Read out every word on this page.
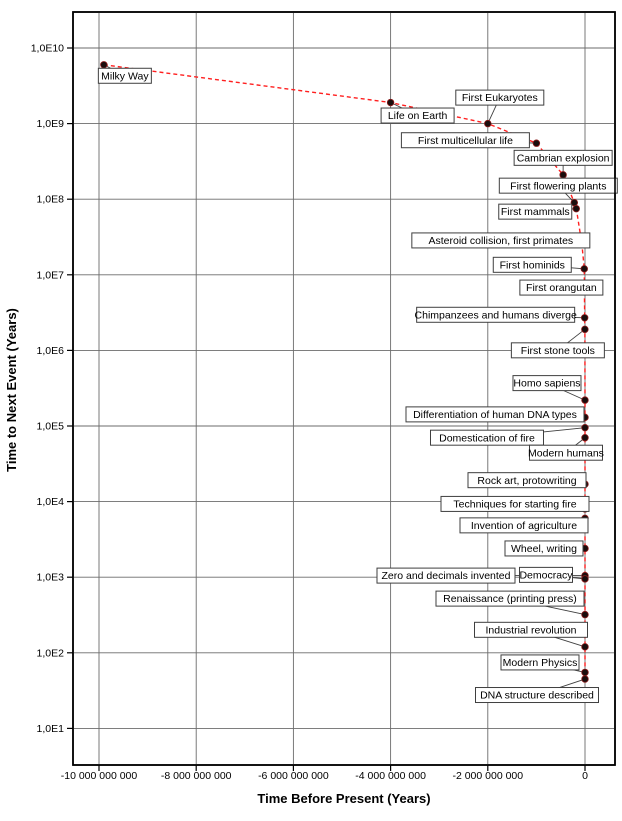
-10 000 000 000 -8 000 000 000	-6 000 000 000	-4 000 000 000	-2 000 000 000	0
1,0E10
1,0E9
1,0E8
1,0E7
1,0E6
1,0E5
1,0E4
1,0E3
1,0E2
1,0E1
Milky Way
Life on Earth
First Eukaryotes
First multicellular life
Cambrian explosion
First flowering plants
First mammals
Asteroid collision, first primates
First hominids
First orangutan
Chimpanzees and humans diverge
First stone tools
Homo sapiens
Differentiation of human DNA types
Domestication of fire
Modern humans
Rock art, protowriting
Techniques for starting fire
Invention of agriculture
Wheel, writing
Zero and decimals invented Democracy
Renaissance (printing press)
Industrial revolution
Modern Physics
DNA structure described
Time Before Present (Years)
Time to Next Event (Years)
